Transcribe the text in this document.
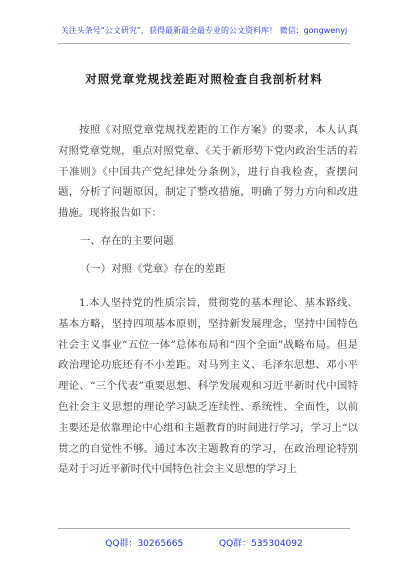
关注头条号“公文研究”，获得最新最全最专业的公文资料库！ 微信：gongwenyj
对照党章党规找差距对照检查自我剖析材料
按照《对照党章党规找差距的工作方案》的要求，本人认真对照党章党规，重点对照党章、《关于新形势下党内政治生活的若干准则》《中国共产党纪律处分条例》，进行自我检查，查摆问题，分析了问题原因，制定了整改措施，明确了努力方向和改进措施。现将报告如下：
一、存在的主要问题
（一）对照《党章》存在的差距
1.本人坚持党的性质宗旨，贯彻党的基本理论、基本路线、基本方略，坚持四项基本原则，坚持新发展理念，坚持中国特色社会主义事业“五位一体”总体布局和“四个全面”战略布局。但是政治理论功底还有不小差距。对马列主义、毛泽东思想、邓小平理论、“三个代表”重要思想、科学发展观和习近平新时代中国特色社会主义思想的理论学习缺乏连续性、系统性、全面性，以前主要还是依靠理论中心组和主题教育的时间进行学习，学习上“以贯之的自觉性不够。通过本次主题教育的学习，在政治理论特别是对于习近平新时代中国特色社会主义思想的学习上
QQ群：30265665	QQ群：535304092
